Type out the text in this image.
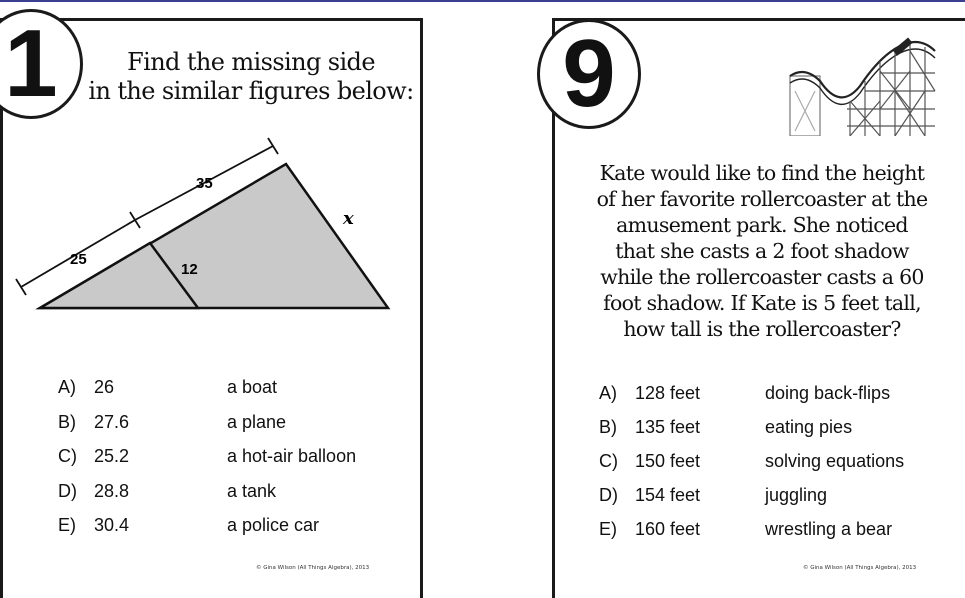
1	Find the missing side
in the similar figures below:
25
35
12
x
A) 26	a boat
B) 27.6	a plane
C) 25.2	a hot-air balloon
D) 28.8	a tank
E) 30.4	a police car
© Gina Wilson (All Things Algebra), 2013
9
Kate would like to find the height
of her favorite rollercoaster at the
amusement park. She noticed
that she casts a 2 foot shadow
while the rollercoaster casts a 60
foot shadow. If Kate is 5 feet tall,
how tall is the rollercoaster?
A) 128 feet	doing back-flips
B) 135 feet	eating pies
C) 150 feet	solving equations
D) 154 feet	juggling
E) 160 feet	wrestling a bear
© Gina Wilson (All Things Algebra), 2013
